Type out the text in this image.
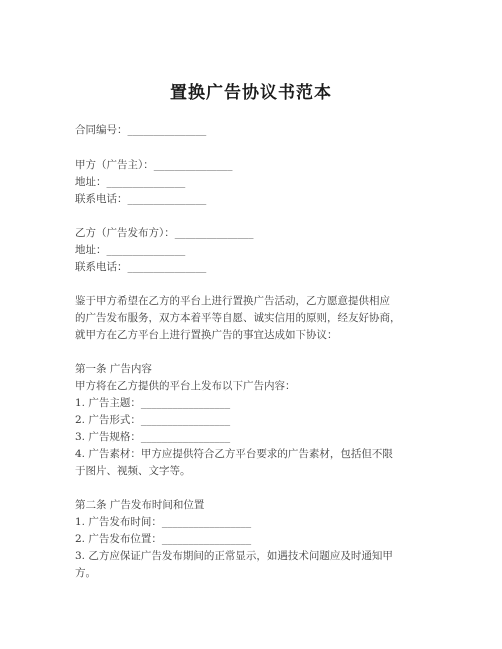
置换广告协议书范本
合同编号：_______________
甲方（广告主）：_______________
地址：_______________
联系电话：_______________
乙方（广告发布方）：_______________
地址：_______________
联系电话：_______________
鉴于甲方希望在乙方的平台上进行置换广告活动，乙方愿意提供相应
的广告发布服务，双方本着平等自愿、诚实信用的原则，经友好协商，
就甲方在乙方平台上进行置换广告的事宜达成如下协议：
第一条 广告内容
甲方将在乙方提供的平台上发布以下广告内容：
1. 广告主题：_________________
2. 广告形式：_________________
3. 广告规格：_________________
4. 广告素材：甲方应提供符合乙方平台要求的广告素材，包括但不限
于图片、视频、文字等。
第二条 广告发布时间和位置
1. 广告发布时间：_________________
2. 广告发布位置：_________________
3. 乙方应保证广告发布期间的正常显示，如遇技术问题应及时通知甲
方。
